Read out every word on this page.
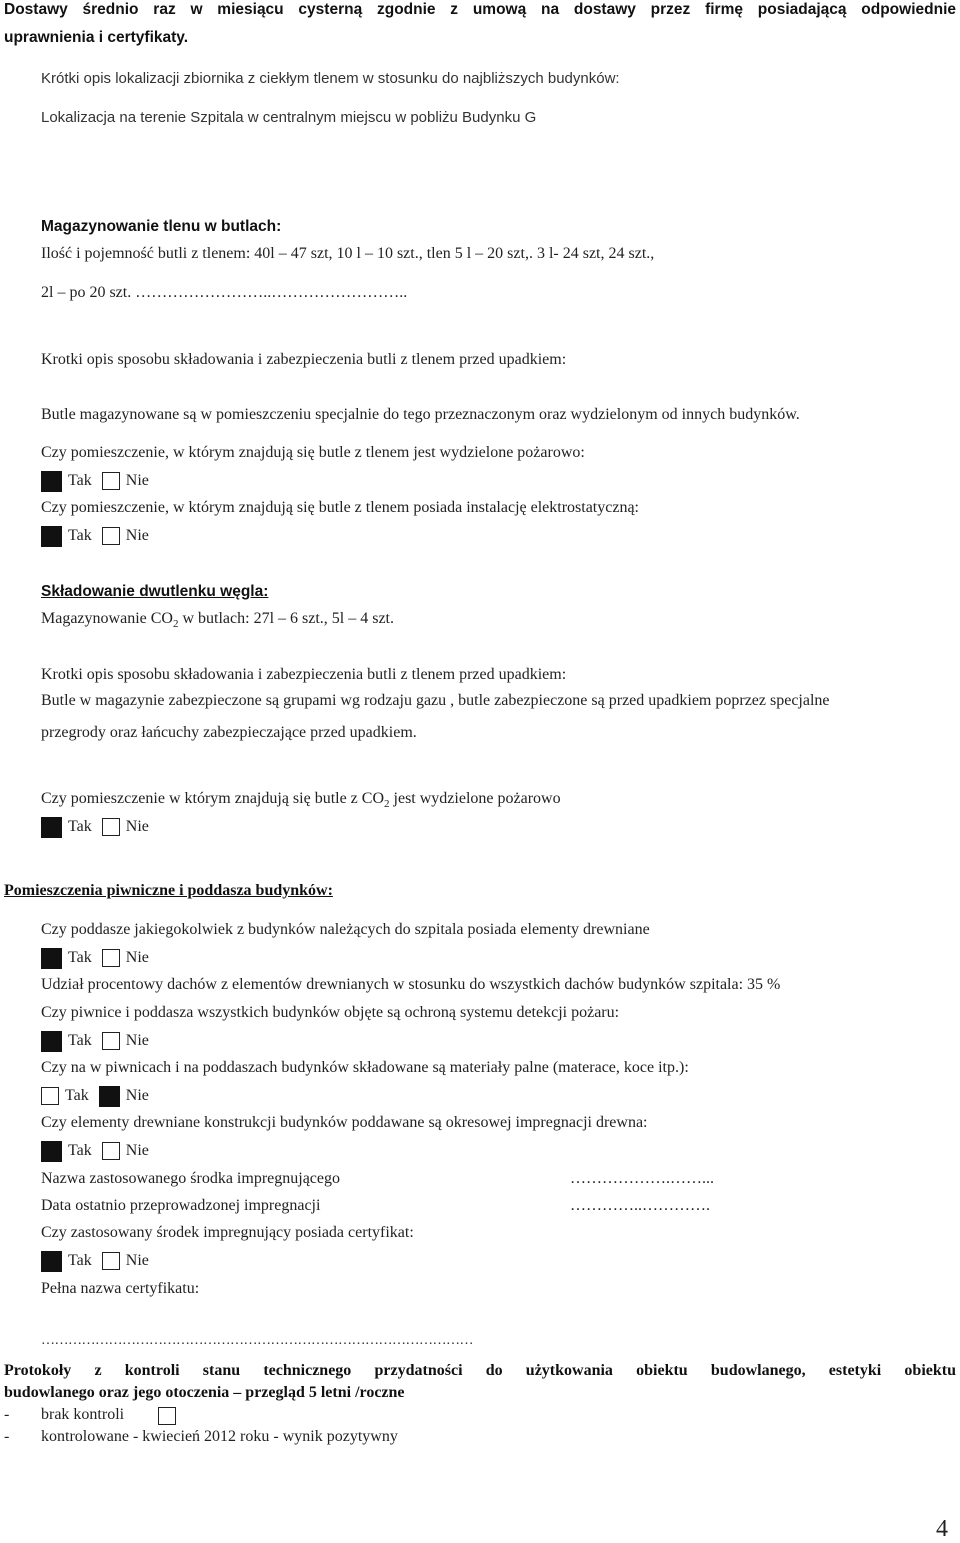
Dostawy średnio raz w miesiącu cysterną zgodnie z umową na dostawy przez firmę posiadającą odpowiednie
uprawnienia i certyfikaty.
Krótki opis lokalizacji zbiornika z ciekłym tlenem w stosunku do najbliższych budynków:
Lokalizacja na terenie Szpitala w centralnym miejscu w pobliżu Budynku G
Magazynowanie tlenu w butlach:
Ilość i pojemność butli z tlenem: 40l – 47 szt, 10 l – 10 szt., tlen 5 l – 20 szt,. 3 l- 24 szt, 24 szt.,
2l – po 20 szt. ……………………..……………………..
Krotki opis sposobu składowania i zabezpieczenia butli z tlenem przed upadkiem:
Butle magazynowane są w pomieszczeniu specjalnie do tego przeznaczonym oraz wydzielonym od innych budynków.
Czy pomieszczenie, w którym znajdują się butle z tlenem jest wydzielone pożarowo:
Tak Nie
Czy pomieszczenie, w którym znajdują się butle z tlenem posiada instalację elektrostatyczną:
Tak Nie
Składowanie dwutlenku węgla:
Magazynowanie $CO_2$ w butlach: 27l – 6 szt., 5l – 4 szt.
Krotki opis sposobu składowania i zabezpieczenia butli z tlenem przed upadkiem:
Butle w magazynie zabezpieczone są grupami wg rodzaju gazu , butle zabezpieczone są przed upadkiem poprzez specjalne
przegrody oraz łańcuchy zabezpieczające przed upadkiem.
Czy pomieszczenie w którym znajdują się butle z $CO_2$ jest wydzielone pożarowo
Tak Nie
Pomieszczenia piwniczne i poddasza budynków:
Czy poddasze jakiegokolwiek z budynków należących do szpitala posiada elementy drewniane
Tak Nie
Udział procentowy dachów z elementów drewnianych w stosunku do wszystkich dachów budynków szpitala: 35 %
Czy piwnice i poddasza wszystkich budynków objęte są ochroną systemu detekcji pożaru:
Tak Nie
Czy na w piwnicach i na poddaszach budynków składowane są materiały palne (materace, koce itp.):
Tak Nie
Czy elementy drewniane konstrukcji budynków poddawane są okresowej impregnacji drewna:
Tak Nie
Nazwa zastosowanego środka impregnującego	……………….……...
Data ostatnio przeprowadzonej impregnacji	…………..………….
Czy zastosowany środek impregnujący posiada certyfikat:
Tak Nie
Pełna nazwa certyfikatu:
……………………………………………………………………………………
Protokoły z kontroli stanu technicznego przydatności do użytkowania obiektu budowlanego, estetyki obiektu
budowlanego oraz jego otoczenia – przegląd 5 letni /roczne
- brak kontroli
- kontrolowane - kwiecień 2012 roku - wynik pozytywny
4
